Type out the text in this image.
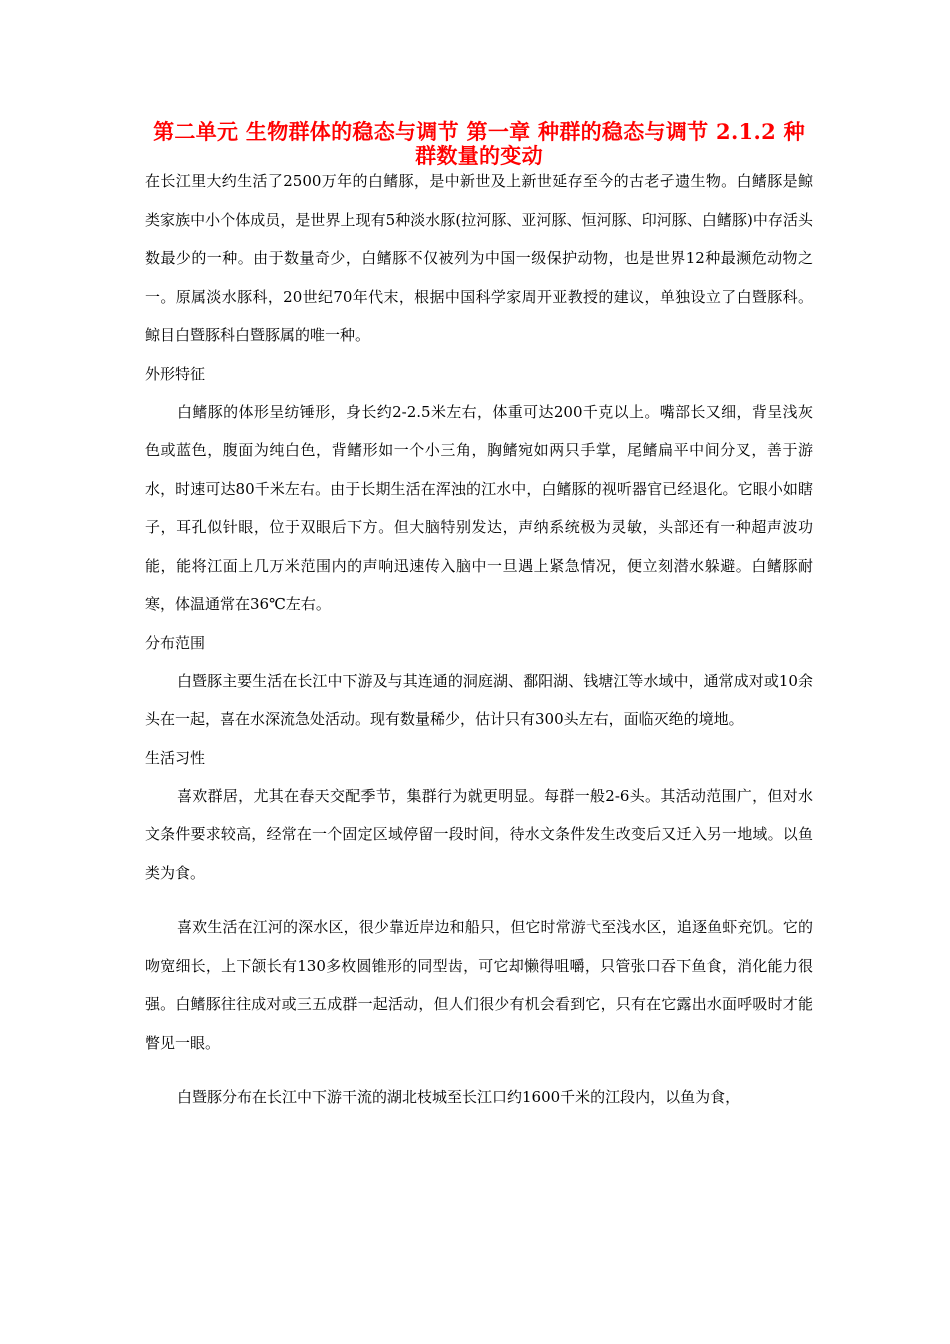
第二单元 生物群体的稳态与调节 第一章 种群的稳态与调节 2.1.2 种群数量的变动

在长江里大约生活了2500万年的白鳍豚，是中新世及上新世延存至今的古老孑遗生物。白鳍豚是鲸类家族中小个体成员，是世界上现有5种淡水豚(拉河豚、亚河豚、恒河豚、印河豚、白鳍豚)中存活头数最少的一种。由于数量奇少，白鳍豚不仅被列为中国一级保护动物，也是世界12种最濒危动物之一。原属淡水豚科，20世纪70年代末，根据中国科学家周开亚教授的建议，单独设立了白暨豚科。 鲸目白暨豚科白暨豚属的唯一种。

外形特征

白鳍豚的体形呈纺锤形，身长约2-2.5米左右，体重可达200千克以上。嘴部长又细，背呈浅灰色或蓝色，腹面为纯白色，背鳍形如一个小三角，胸鳍宛如两只手掌，尾鳍扁平中间分叉，善于游水，时速可达80千米左右。由于长期生活在浑浊的江水中，白鳍豚的视听器官已经退化。它眼小如瞎子，耳孔似针眼，位于双眼后下方。但大脑特别发达，声纳系统极为灵敏，头部还有一种超声波功能，能将江面上几万米范围内的声响迅速传入脑中一旦遇上紧急情况，便立刻潜水躲避。白鳍豚耐寒，体温通常在36℃左右。

分布范围

白暨豚主要生活在长江中下游及与其连通的洞庭湖、鄱阳湖、钱塘江等水域中，通常成对或10余头在一起，喜在水深流急处活动。现有数量稀少，估计只有300头左右，面临灭绝的境地。

生活习性

喜欢群居，尤其在春天交配季节，集群行为就更明显。每群一般2-6头。其活动范围广，但对水文条件要求较高，经常在一个固定区域停留一段时间，待水文条件发生改变后又迁入另一地域。以鱼类为食。

喜欢生活在江河的深水区，很少靠近岸边和船只，但它时常游弋至浅水区，追逐鱼虾充饥。它的吻宽细长，上下颌长有130多枚圆锥形的同型齿，可它却懒得咀嚼，只管张口吞下鱼食，消化能力很强。白鳍豚往往成对或三五成群一起活动，但人们很少有机会看到它，只有在它露出水面呼吸时才能瞥见一眼。

白暨豚分布在长江中下游干流的湖北枝城至长江口约1600千米的江段内，以鱼为食，
